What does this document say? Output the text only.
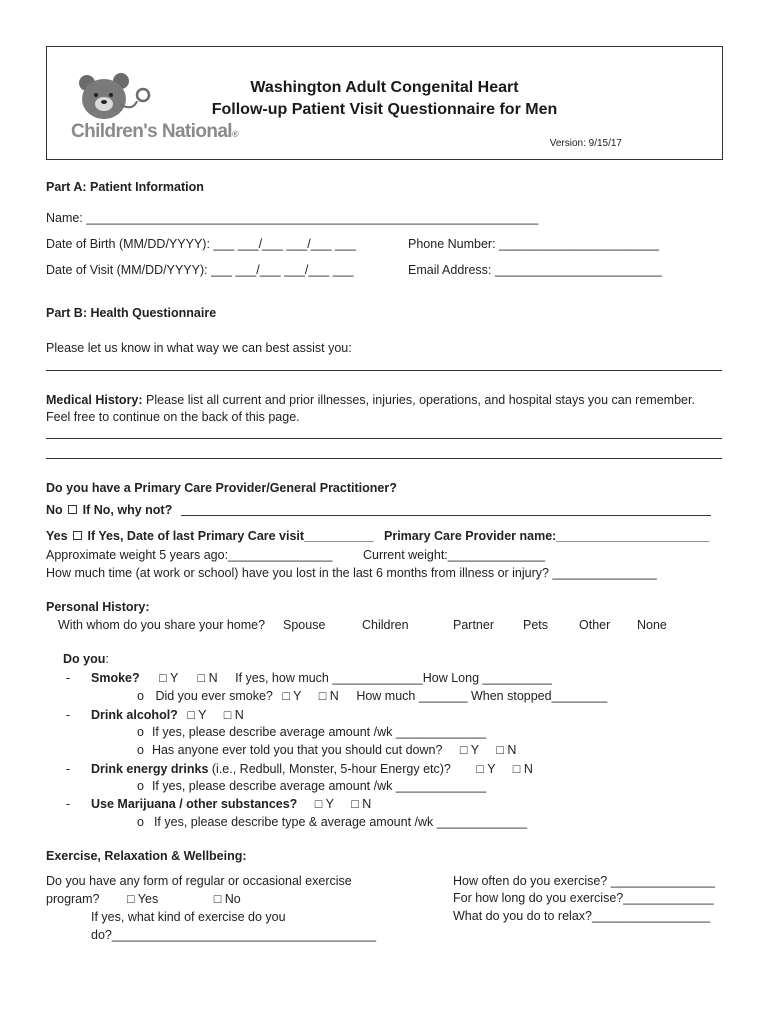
Children's National®
Washington Adult Congenital Heart
Follow-up Patient Visit Questionnaire for Men
Version: 9/15/17
Part A: Patient Information
Name: _________________________________________________________________
Date of Birth (MM/DD/YYYY): ___ ___/___ ___/___ ___	Phone Number: _______________________
Date of Visit (MM/DD/YYYY): ___ ___/___ ___/___ ___	Email Address: ________________________
Part B: Health Questionnaire
Please let us know in what way we can best assist you:
Medical History: Please list all current and prior illnesses, injuries, operations, and hospital stays you can remember.
Feel free to continue on the back of this page.
Do you have a Primary Care Provider/General Practitioner?
No If No, why not?
Yes If Yes, Date of last Primary Care visit__________ Primary Care Provider name:______________________
Approximate weight 5 years ago:_______________ Current weight:______________
How much time (at work or school) have you lost in the last 6 months from illness or injury? _______________
Personal History:
With whom do you share your home? Spouse	Children	Partner Pets Other None
Do you:
- Smoke? □ Y □ N If yes, how much _____________How Long __________
o Did you ever smoke? □ Y □ N How much _______ When stopped________
- Drink alcohol? □ Y □ N
o If yes, please describe average amount /wk _____________
o Has anyone ever told you that you should cut down? □ Y □ N
- Drink energy drinks (i.e., Redbull, Monster, 5-hour Energy etc)? □ Y □ N
o If yes, please describe average amount /wk _____________
- Use Marijuana / other substances? □ Y □ N
o If yes, please describe type & average amount /wk _____________
Exercise, Relaxation & Wellbeing:
Do you have any form of regular or occasional exercise
program? □ Yes	□ No
If yes, what kind of exercise do you
do?______________________________________
How often do you exercise? _______________
For how long do you exercise?_____________
What do you do to relax?_________________
